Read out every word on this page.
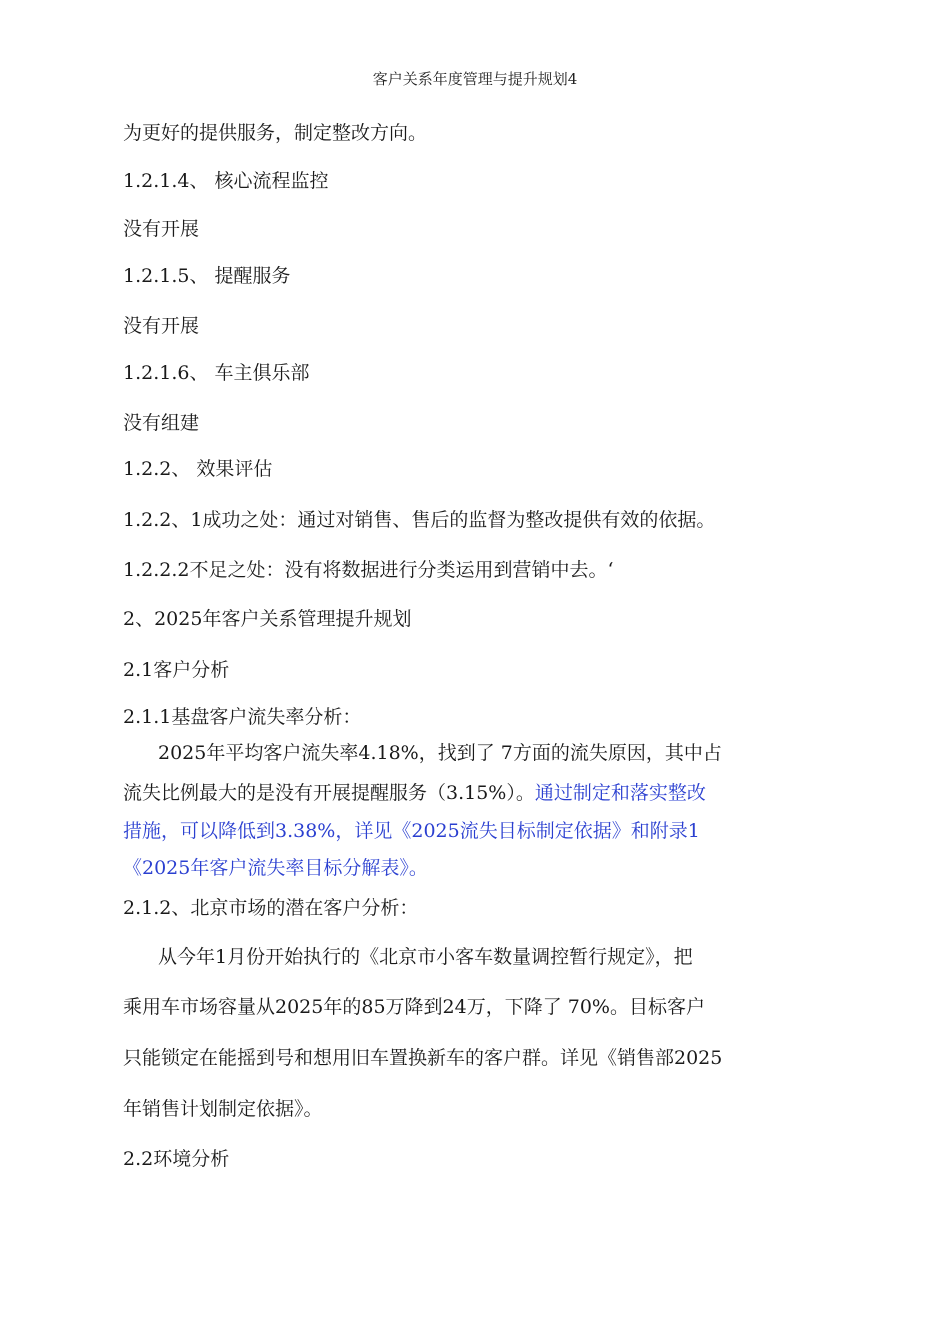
客户关系年度管理与提升规划4
为更好的提供服务，制定整改方向。
1.2.1.4、 核心流程监控
没有开展
1.2.1.5、 提醒服务
没有开展
1.2.1.6、 车主俱乐部
没有组建
1.2.2、 效果评估
1.2.2、1成功之处：通过对销售、售后的监督为整改提供有效的依据。
1.2.2.2不足之处：没有将数据进行分类运用到营销中去。‘
2、2025年客户关系管理提升规划
2.1客户分析
2.1.1基盘客户流失率分析：
2025年平均客户流失率4.18%，找到了 7方面的流失原因，其中占
流失比例最大的是没有开展提醒服务（3.15%）。通过制定和落实整改
措施，可以降低到3.38%，详见《2025流失目标制定依据》和附录1
《2025年客户流失率目标分解表》。
2.1.2、北京市场的潜在客户分析：
从今年1月份开始执行的《北京市小客车数量调控暂行规定》，把
乘用车市场容量从2025年的85万降到24万，下降了 70%。目标客户
只能锁定在能摇到号和想用旧车置换新车的客户群。详见《销售部2025
年销售计划制定依据》。
2.2环境分析
